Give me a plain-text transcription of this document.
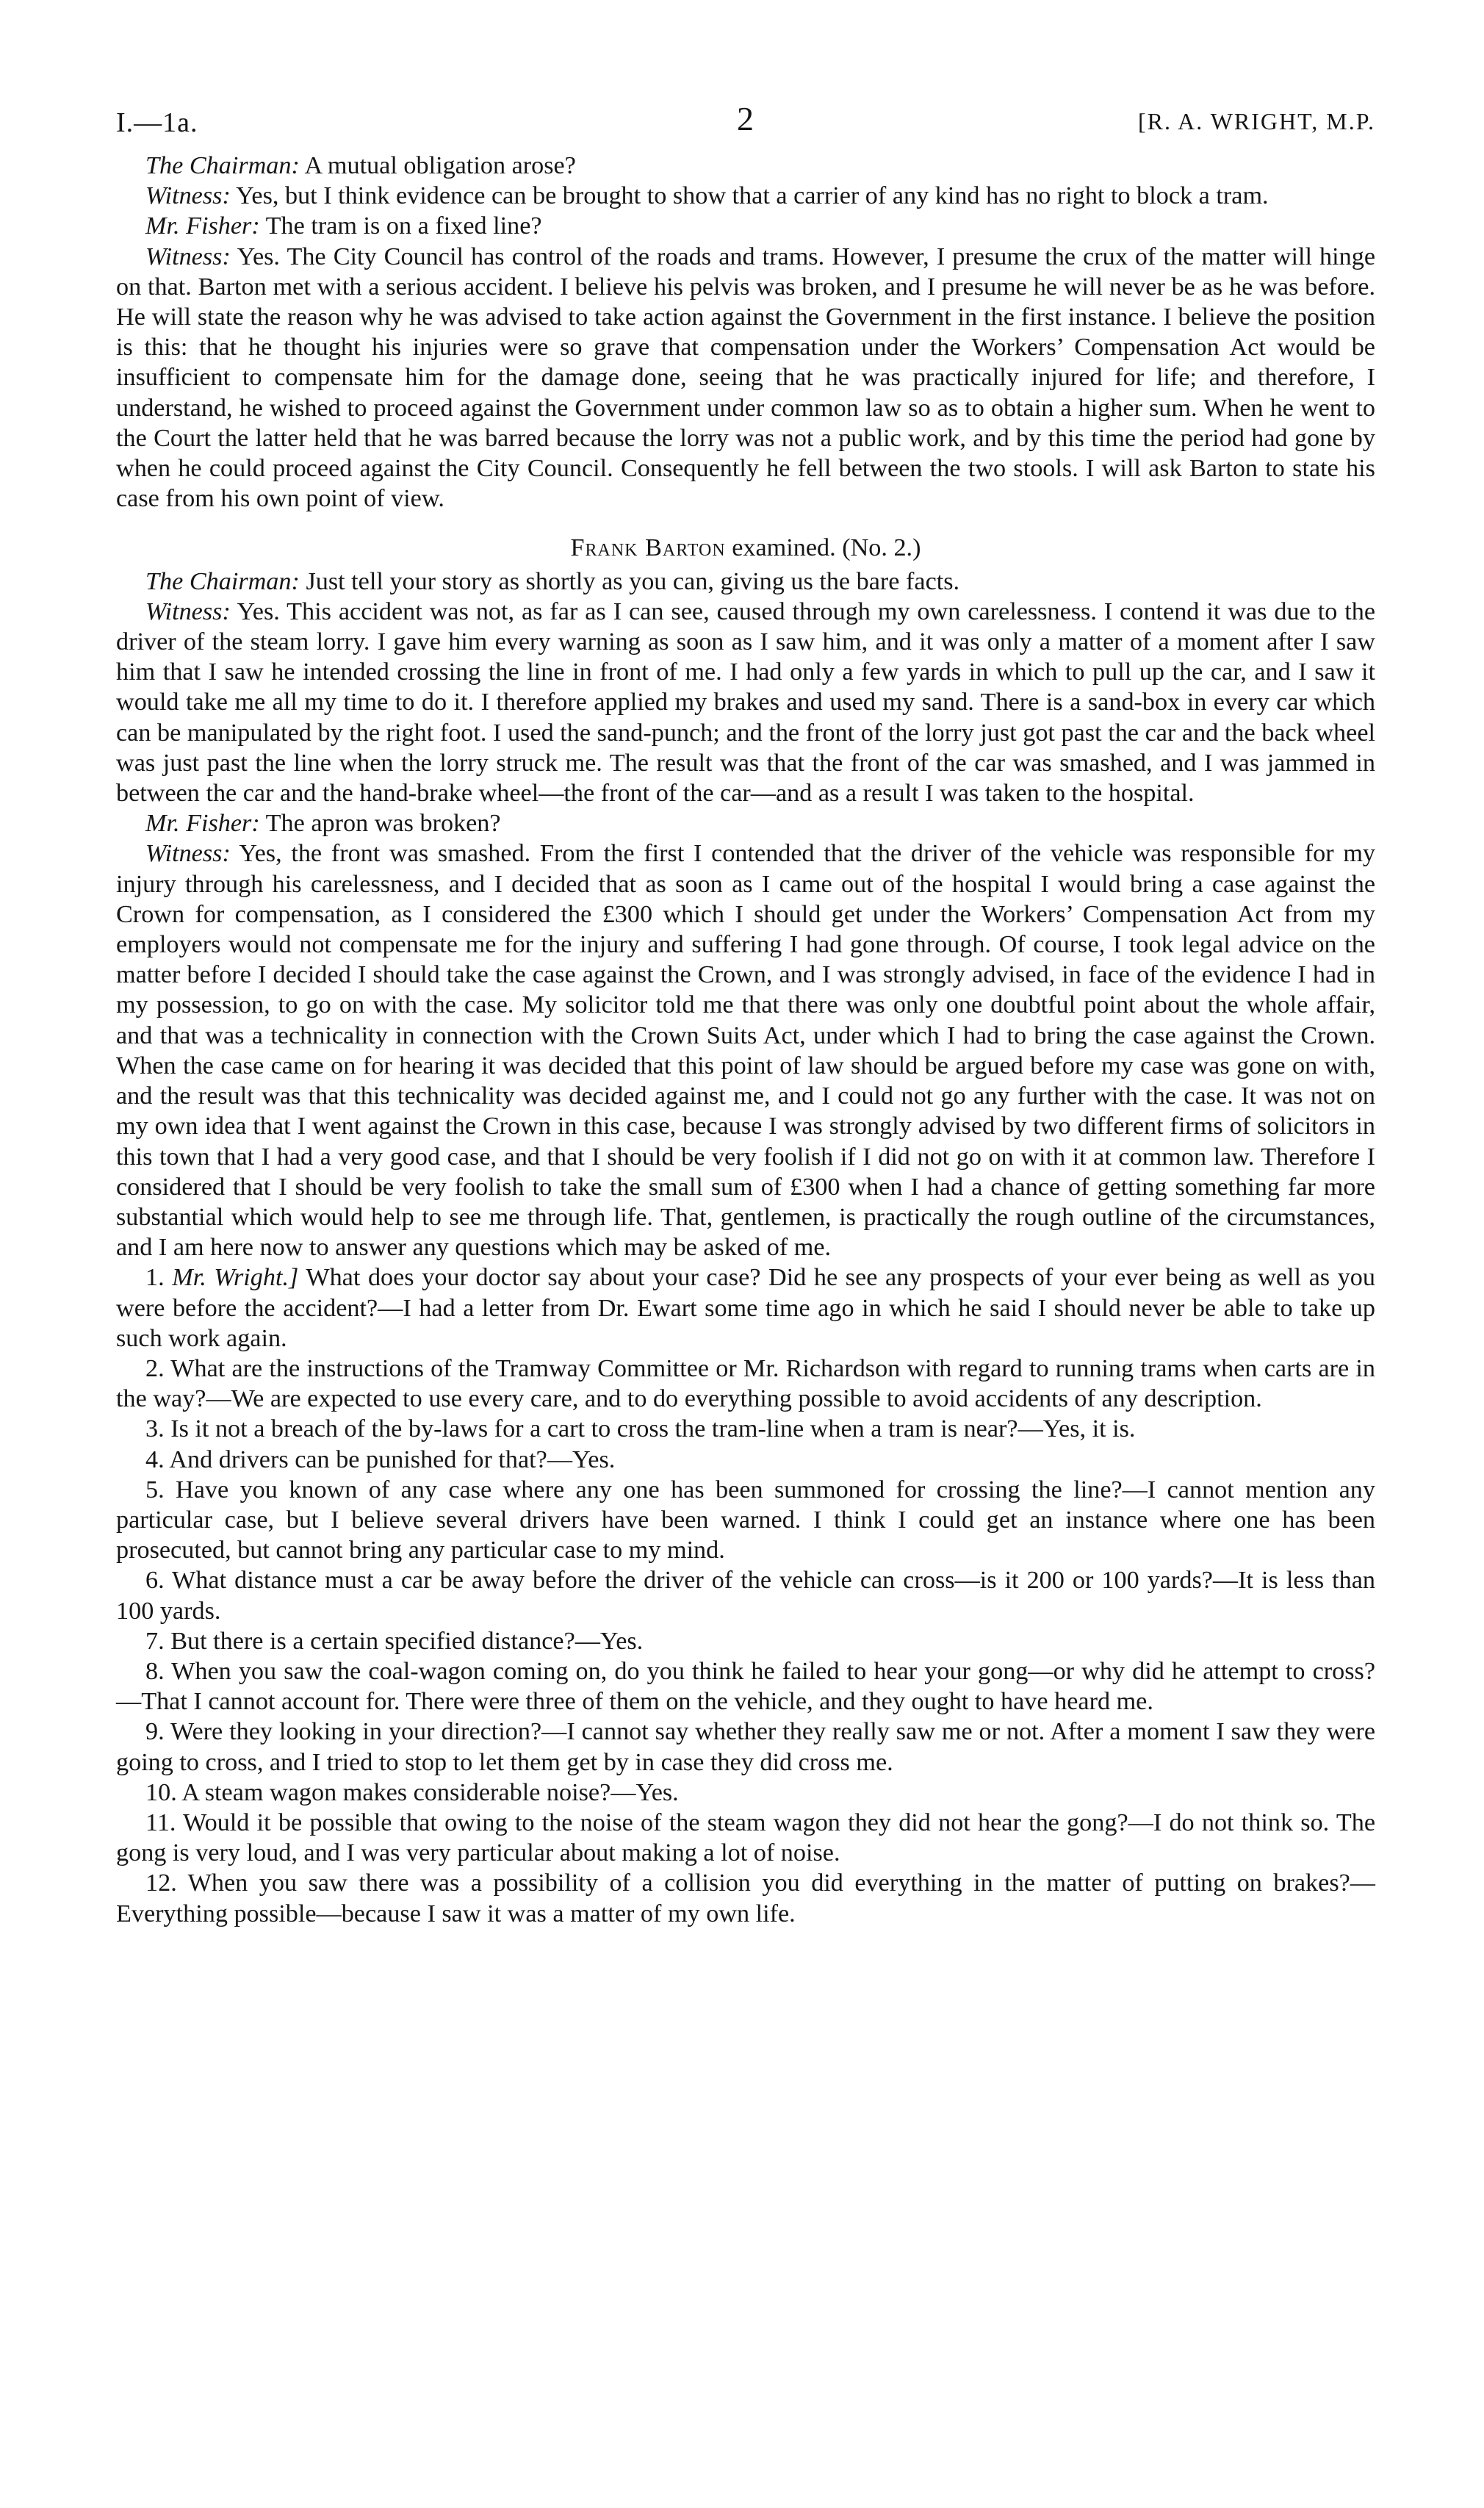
I.—1a.	2	[R. A. WRIGHT, M.P.

The Chairman: A mutual obligation arose?

Witness: Yes, but I think evidence can be brought to show that a carrier of any kind has no right to block a tram.

Mr. Fisher: The tram is on a fixed line?

Witness: Yes. The City Council has control of the roads and trams. However, I presume the crux of the matter will hinge on that. Barton met with a serious accident. I believe his pelvis was broken, and I presume he will never be as he was before. He will state the reason why he was advised to take action against the Government in the first instance. I believe the position is this: that he thought his injuries were so grave that compensation under the Workers’ Compensation Act would be insufficient to compensate him for the damage done, seeing that he was practically injured for life; and therefore, I understand, he wished to proceed against the Government under common law so as to obtain a higher sum. When he went to the Court the latter held that he was barred because the lorry was not a public work, and by this time the period had gone by when he could proceed against the City Council. Consequently he fell between the two stools. I will ask Barton to state his case from his own point of view.

Frank Barton examined. (No. 2.)

The Chairman: Just tell your story as shortly as you can, giving us the bare facts.

Witness: Yes. This accident was not, as far as I can see, caused through my own carelessness. I contend it was due to the driver of the steam lorry. I gave him every warning as soon as I saw him, and it was only a matter of a moment after I saw him that I saw he intended crossing the line in front of me. I had only a few yards in which to pull up the car, and I saw it would take me all my time to do it. I therefore applied my brakes and used my sand. There is a sand-box in every car which can be manipulated by the right foot. I used the sand-punch; and the front of the lorry just got past the car and the back wheel was just past the line when the lorry struck me. The result was that the front of the car was smashed, and I was jammed in between the car and the hand-brake wheel—the front of the car—and as a result I was taken to the hospital.

Mr. Fisher: The apron was broken?

Witness: Yes, the front was smashed. From the first I contended that the driver of the vehicle was responsible for my injury through his carelessness, and I decided that as soon as I came out of the hospital I would bring a case against the Crown for compensation, as I considered the £300 which I should get under the Workers’ Compensation Act from my employers would not compensate me for the injury and suffering I had gone through. Of course, I took legal advice on the matter before I decided I should take the case against the Crown, and I was strongly advised, in face of the evidence I had in my possession, to go on with the case. My solicitor told me that there was only one doubtful point about the whole affair, and that was a technicality in connection with the Crown Suits Act, under which I had to bring the case against the Crown. When the case came on for hearing it was decided that this point of law should be argued before my case was gone on with, and the result was that this technicality was decided against me, and I could not go any further with the case. It was not on my own idea that I went against the Crown in this case, because I was strongly advised by two different firms of solicitors in this town that I had a very good case, and that I should be very foolish if I did not go on with it at common law. Therefore I considered that I should be very foolish to take the small sum of £300 when I had a chance of getting something far more substantial which would help to see me through life. That, gentlemen, is practically the rough outline of the circumstances, and I am here now to answer any questions which may be asked of me.

1. Mr. Wright.] What does your doctor say about your case? Did he see any prospects of your ever being as well as you were before the accident?—I had a letter from Dr. Ewart some time ago in which he said I should never be able to take up such work again.

2. What are the instructions of the Tramway Committee or Mr. Richardson with regard to running trams when carts are in the way?—We are expected to use every care, and to do everything possible to avoid accidents of any description.

3. Is it not a breach of the by-laws for a cart to cross the tram-line when a tram is near?—Yes, it is.

4. And drivers can be punished for that?—Yes.

5. Have you known of any case where any one has been summoned for crossing the line?—I cannot mention any particular case, but I believe several drivers have been warned. I think I could get an instance where one has been prosecuted, but cannot bring any particular case to my mind.

6. What distance must a car be away before the driver of the vehicle can cross—is it 200 or 100 yards?—It is less than 100 yards.

7. But there is a certain specified distance?—Yes.

8. When you saw the coal-wagon coming on, do you think he failed to hear your gong—or why did he attempt to cross?—That I cannot account for. There were three of them on the vehicle, and they ought to have heard me.

9. Were they looking in your direction?—I cannot say whether they really saw me or not. After a moment I saw they were going to cross, and I tried to stop to let them get by in case they did cross me.

10. A steam wagon makes considerable noise?—Yes.

11. Would it be possible that owing to the noise of the steam wagon they did not hear the gong?—I do not think so. The gong is very loud, and I was very particular about making a lot of noise.

12. When you saw there was a possibility of a collision you did everything in the matter of putting on brakes?—Everything possible—because I saw it was a matter of my own life.
